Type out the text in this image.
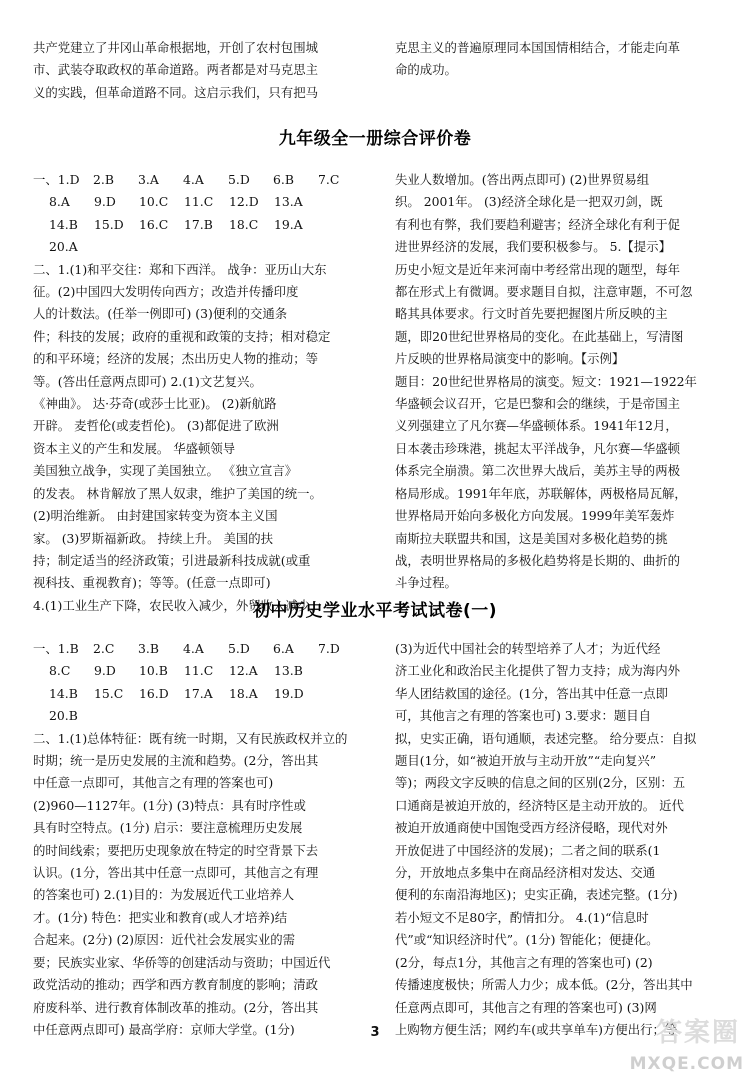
共产党建立了井冈山革命根据地，开创了农村包围城

市、武装夺取政权的革命道路。两者都是对马克思主

义的实践，但革命道路不同。这启示我们，只有把马

克思主义的普遍原理同本国国情相结合，才能走向革

命的成功。

九年级全一册综合评价卷
一、1.D	2.B	3.A	4.A	5.D	6.B	7.C
8.A	9.D	10.C	11.C	12.D	13.A
14.B	15.D	16.C	17.B	18.C	19.A
20.A

二、1.(1)和平交往：郑和下西洋。 战争：亚历山大东

征。(2)中国四大发明传向西方；改造并传播印度

人的计数法。(任举一例即可) (3)便利的交通条

件；科技的发展；政府的重视和政策的支持；相对稳定

的和平环境；经济的发展；杰出历史人物的推动；等

等。(答出任意两点即可) 2.(1)文艺复兴。

《神曲》。 达·芬奇(或莎士比亚)。 (2)新航路

开辟。 麦哲伦(或麦哲伦)。 (3)都促进了欧洲

资本主义的产生和发展。 华盛顿领导

美国独立战争，实现了美国独立。 《独立宣言》

的发表。 林肯解放了黑人奴隶，维护了美国的统一。

(2)明治维新。 由封建国家转变为资本主义国

家。 (3)罗斯福新政。 持续上升。 美国的扶

持；制定适当的经济政策；引进最新科技成就(或重

视科技、重视教育)；等等。(任意一点即可)

4.(1)工业生产下降，农民收入减少，外贸收入减少，

失业人数增加。(答出两点即可) (2)世界贸易组

织。 2001年。 (3)经济全球化是一把双刃剑，既

有利也有弊，我们要趋利避害；经济全球化有利于促

进世界经济的发展，我们要积极参与。 5.【提示】

历史小短文是近年来河南中考经常出现的题型，每年

都在形式上有微调。要求题目自拟，注意审题，不可忽

略其具体要求。行文时首先要把握图片所反映的主

题，即20世纪世界格局的变化。在此基础上，写清图

片反映的世界格局演变中的影响。【示例】

题目：20世纪世界格局的演变。短文：1921—1922年

华盛顿会议召开，它是巴黎和会的继续，于是帝国主

义列强建立了凡尔赛—华盛顿体系。1941年12月，

日本袭击珍珠港，挑起太平洋战争，凡尔赛—华盛顿

体系完全崩溃。第二次世界大战后，美苏主导的两极

格局形成。1991年年底，苏联解体，两极格局瓦解，

世界格局开始向多极化方向发展。1999年美军轰炸

南斯拉夫联盟共和国，这是美国对多极化趋势的挑

战，表明世界格局的多极化趋势将是长期的、曲折的

斗争过程。

初中历史学业水平考试试卷(一)
一、1.B	2.C	3.B	4.A	5.D	6.A	7.D
8.C	9.D	10.B	11.C	12.A	13.B
14.B	15.C	16.D	17.A	18.A	19.D
20.B

二、1.(1)总体特征：既有统一时期，又有民族政权并立的

时期；统一是历史发展的主流和趋势。(2分，答出其

中任意一点即可，其他言之有理的答案也可)

(2)960—1127年。(1分) (3)特点：具有时序性或

具有时空特点。(1分) 启示：要注意梳理历史发展

的时间线索；要把历史现象放在特定的时空背景下去

认识。(1分，答出其中任意一点即可，其他言之有理

的答案也可) 2.(1)目的：为发展近代工业培养人

才。(1分) 特色：把实业和教育(或人才培养)结

合起来。(2分) (2)原因：近代社会发展实业的需

要；民族实业家、华侨等的创建活动与资助；中国近代

政党活动的推动；西学和西方教育制度的影响；清政

府废科举、进行教育体制改革的推动。(2分，答出其

中任意两点即可) 最高学府：京师大学堂。(1分)

(3)为近代中国社会的转型培养了人才；为近代经

济工业化和政治民主化提供了智力支持；成为海内外

华人团结救国的途径。(1分，答出其中任意一点即

可，其他言之有理的答案也可) 3.要求：题目自

拟，史实正确，语句通顺，表述完整。 给分要点：自拟

题目(1分，如“被迫开放与主动开放”“走向复兴”

等)；两段文字反映的信息之间的区别(2分，区别：五

口通商是被迫开放的，经济特区是主动开放的。 近代

被迫开放通商使中国饱受西方经济侵略，现代对外

开放促进了中国经济的发展)；二者之间的联系(1

分，开放地点多集中在商品经济相对发达、交通

便利的东南沿海地区)；史实正确，表述完整。(1分)

若小短文不足80字，酌情扣分。 4.(1)“信息时

代”或“知识经济时代”。(1分) 智能化；便捷化。

(2分，每点1分，其他言之有理的答案也可) (2)

传播速度极快；所需人力少；成本低。(2分，答出其中

任意两点即可，其他言之有理的答案也可) (3)网

上购物方便生活；网约车(或共享单车)方便出行；等

3	答案圈
MXQE.COM
